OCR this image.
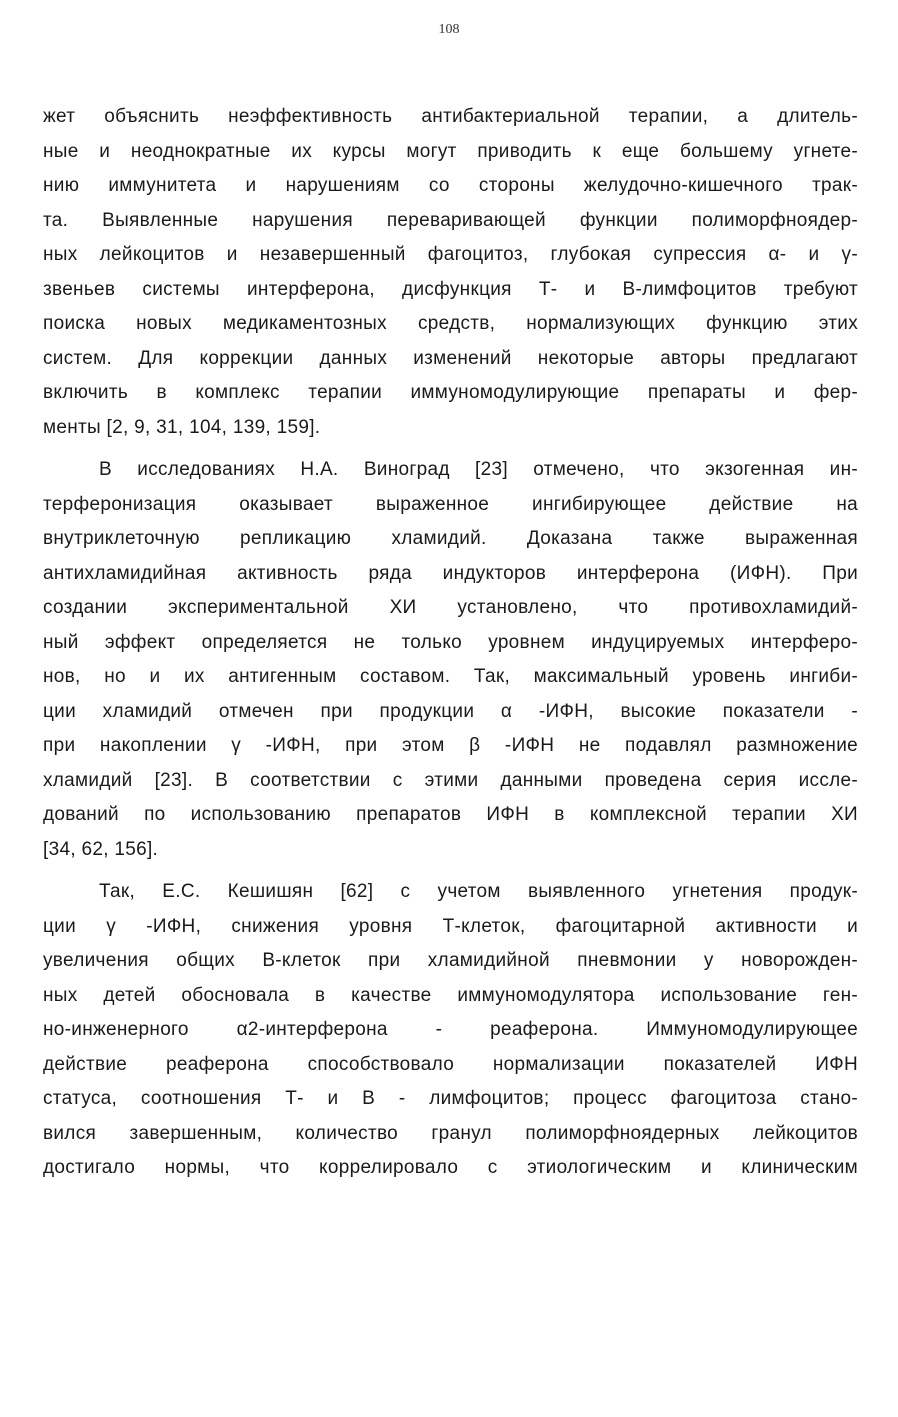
108
жет объяснить неэффективность антибактериальной терапии, а длитель-
ные и неоднократные их курсы могут приводить к еще большему угнете-
нию иммунитета и нарушениям со стороны желудочно-кишечного трак-
та. Выявленные нарушения переваривающей функции полиморфноядер-
ных лейкоцитов и незавершенный фагоцитоз, глубокая супрессия α- и γ-
звеньев системы интерферона, дисфункция Т- и В-лимфоцитов требуют
поиска новых медикаментозных средств, нормализующих функцию этих
систем. Для коррекции данных изменений некоторые авторы предлагают
включить в комплекс терапии иммуномодулирующие препараты и фер-
менты [2, 9, 31, 104, 139, 159].
В исследованиях Н.А. Виноград [23] отмечено, что экзогенная ин-
терферонизация оказывает выраженное ингибирующее действие на
внутриклеточную репликацию хламидий. Доказана также выраженная
антихламидийная активность ряда индукторов интерферона (ИФН). При
создании экспериментальной ХИ установлено, что противохламидий-
ный эффект определяется не только уровнем индуцируемых интерферо-
нов, но и их антигенным составом. Так, максимальный уровень ингиби-
ции хламидий отмечен при продукции α -ИФН, высокие показатели -
при накоплении γ -ИФН, при этом β -ИФН не подавлял размножение
хламидий [23]. В соответствии с этими данными проведена серия иссле-
дований по использованию препаратов ИФН в комплексной терапии ХИ
[34, 62, 156].
Так, Е.С. Кешишян [62] с учетом выявленного угнетения продук-
ции γ -ИФН, снижения уровня Т-клеток, фагоцитарной активности и
увеличения общих В-клеток при хламидийной пневмонии у новорожден-
ных детей обосновала в качестве иммуномодулятора использование ген-
но-инженерного α2-интерферона - реаферона. Иммуномодулирующее
действие реаферона способствовало нормализации показателей ИФН
статуса, соотношения Т- и В - лимфоцитов; процесс фагоцитоза стано-
вился завершенным, количество гранул полиморфноядерных лейкоцитов
достигало нормы, что коррелировало с этиологическим и клиническим
